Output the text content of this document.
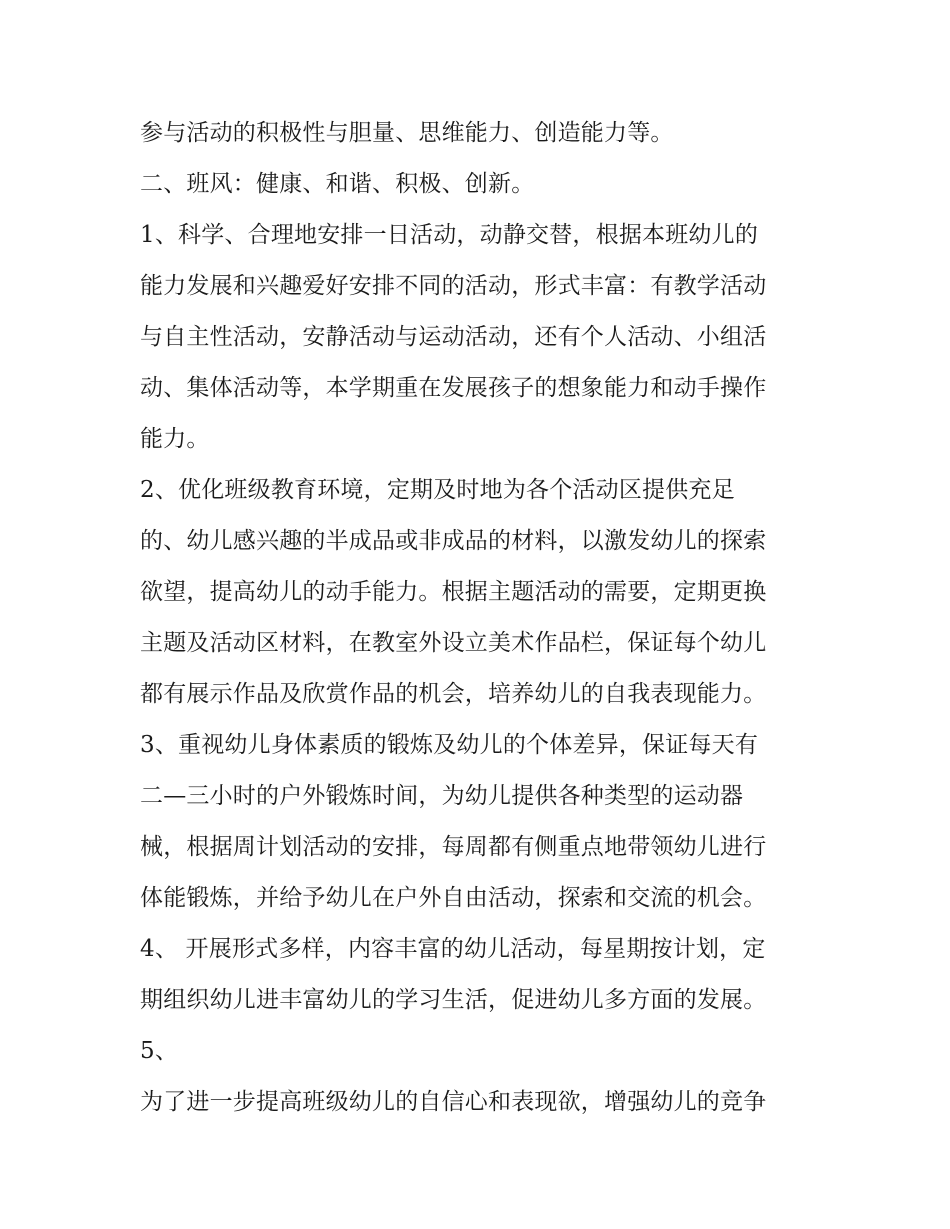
参与活动的积极性与胆量、思维能力、创造能力等。
二、班风：健康、和谐、积极、创新。
1、科学、合理地安排一日活动，动静交替，根据本班幼儿的
能力发展和兴趣爱好安排不同的活动，形式丰富：有教学活动
与自主性活动，安静活动与运动活动，还有个人活动、小组活
动、集体活动等，本学期重在发展孩子的想象能力和动手操作
能力。
2、优化班级教育环境，定期及时地为各个活动区提供充足
的、幼儿感兴趣的半成品或非成品的材料，以激发幼儿的探索
欲望，提高幼儿的动手能力。根据主题活动的需要，定期更换
主题及活动区材料，在教室外设立美术作品栏，保证每个幼儿
都有展示作品及欣赏作品的机会，培养幼儿的自我表现能力。
3、重视幼儿身体素质的锻炼及幼儿的个体差异，保证每天有
二—三小时的户外锻炼时间，为幼儿提供各种类型的运动器
械，根据周计划活动的安排，每周都有侧重点地带领幼儿进行
体能锻炼，并给予幼儿在户外自由活动，探索和交流的机会。
4、 开展形式多样，内容丰富的幼儿活动，每星期按计划，定
期组织幼儿进丰富幼儿的学习生活，促进幼儿多方面的发展。
5、
为了进一步提高班级幼儿的自信心和表现欲，增强幼儿的竞争
